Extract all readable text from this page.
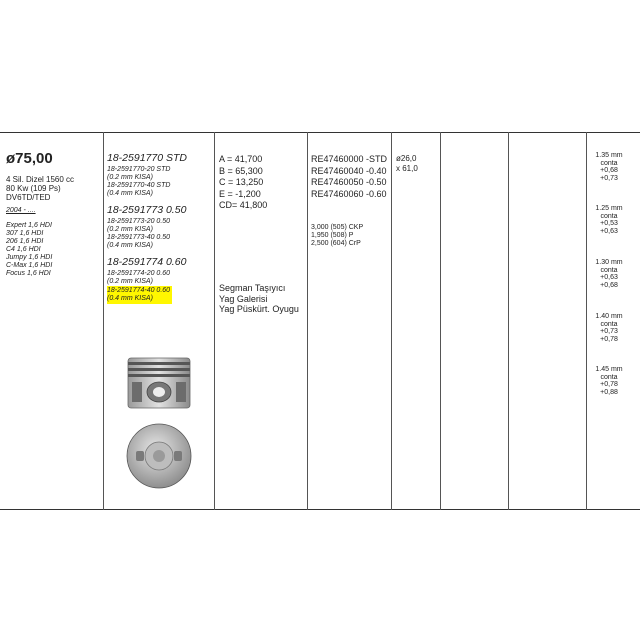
ø75,00
4 Sil. Dizel 1560 cc
80 Kw (109 Ps)
DV6TD/TED
2004 - ....
Expert 1,6 HDI
307 1,6 HDI
206 1,6 HDI
C4 1,6 HDI
Jumpy 1,6 HDI
C-Max 1,6 HDI
Focus 1,6 HDI
18-2591770 STD
18-2591770-20 STD
(0.2 mm KISA)
18-2591770-40 STD
(0.4 mm KISA)
18-2591773 0.50
18-2591773-20 0.50
(0.2 mm KISA)
18-2591773-40 0.50
(0.4 mm KISA)
18-2591774 0.60
18-2591774-20 0.60
(0.2 mm KISA)
18-2591774-40 0.60
(0.4 mm KISA)
A = 41,700
B = 65,300
C = 13,250
E = -1,200
CD= 41,800
Segman Taşıyıcı
Yag Galerisi
Yag Püskürt. Oyugu
RE47460000 -STD
RE47460040 -0.40
RE47460050 -0.50
RE47460060 -0.60
3,000 (505) CKP
1,950 (508) P
2,500 (604) CrP
ø26,0
x 61,0
1.35 mm
conta
+0,68
+0,73
1.25 mm
conta
+0,53
+0,63
1.30 mm
conta
+0,63
+0,68
1.40 mm
conta
+0,73
+0,78
1.45 mm
conta
+0,78
+0,88
